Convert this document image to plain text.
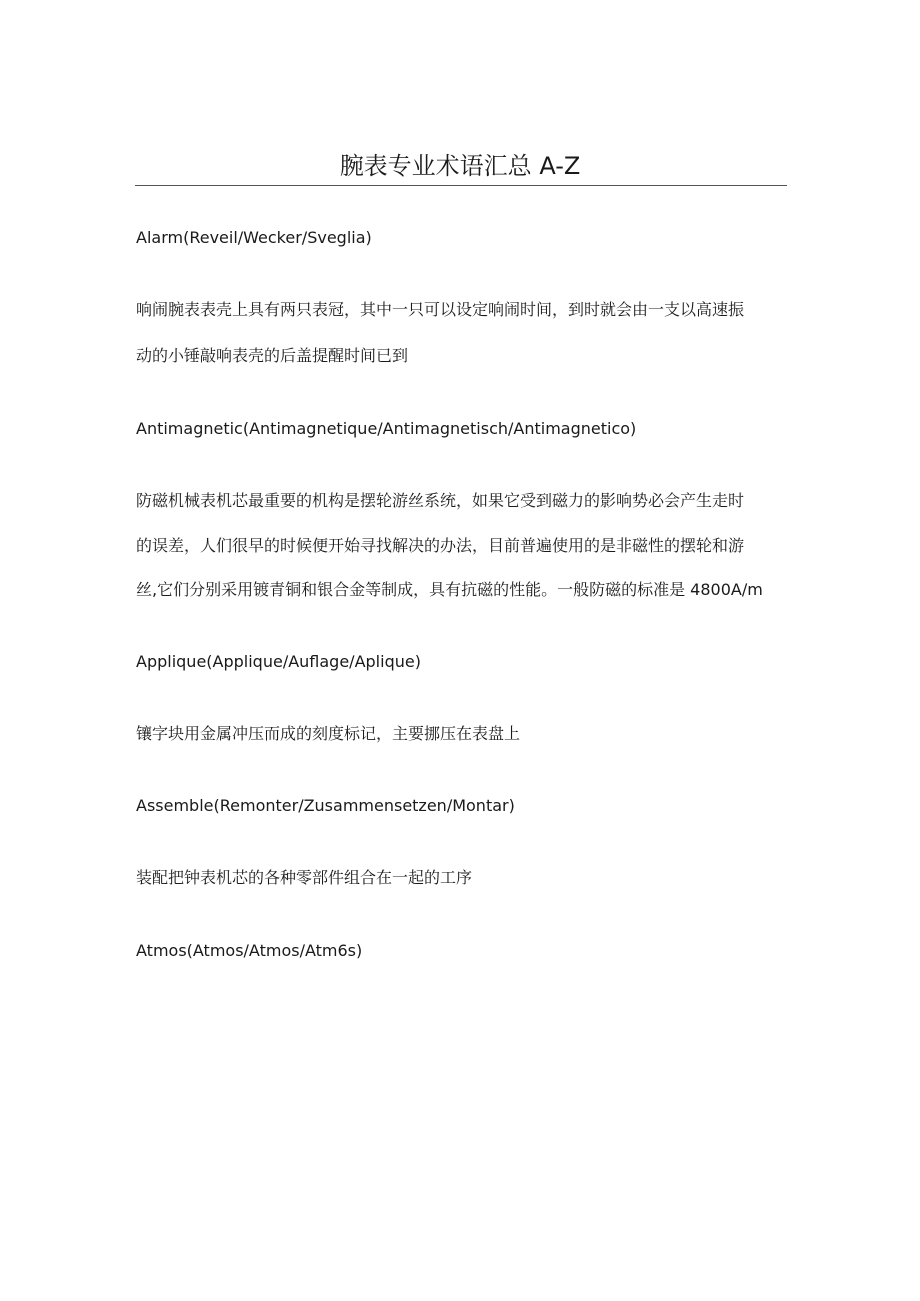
腕表专业术语汇总 A-Z
Alarm(Reveil/Wecker/Sveglia)
响闹腕表表壳上具有两只表冠，其中一只可以设定响闹时间，到时就会由一支以高速振
动的小锤敲响表壳的后盖提醒时间已到
Antimagnetic(Antimagnetique/Antimagnetisch/Antimagnetico)
防磁机械表机芯最重要的机构是摆轮游丝系统，如果它受到磁力的影响势必会产生走时
的误差，人们很早的时候便开始寻找解决的办法，目前普遍使用的是非磁性的摆轮和游
丝,它们分别采用镀青铜和银合金等制成，具有抗磁的性能。一般防磁的标准是 4800A∕m
Applique(Applique∕Auflage∕Aplique)
镶字块用金属冲压而成的刻度标记，主要挪压在表盘上
Assemble(Remonter∕Zusammensetzen∕Montar)
装配把钟表机芯的各种零部件组合在一起的工序
Atmos(Atmos∕Atmos∕Atm6s)
